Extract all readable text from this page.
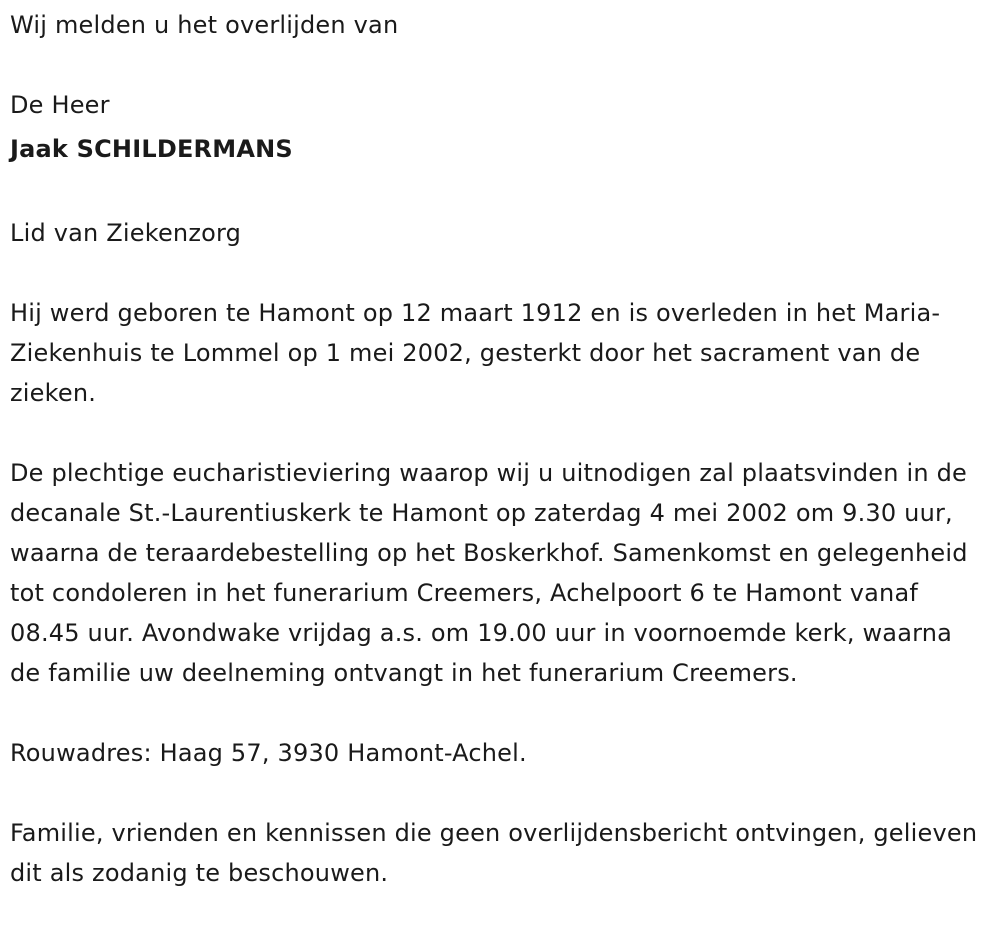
Wij melden u het overlijden van

De Heer

Jaak SCHILDERMANS

Lid van Ziekenzorg

Hij werd geboren te Hamont op 12 maart 1912 en is overleden in het Maria-Ziekenhuis te Lommel op 1 mei 2002, gesterkt door het sacrament van de zieken.

De plechtige eucharistieviering waarop wij u uitnodigen zal plaatsvinden in de decanale St.-Laurentiuskerk te Hamont op zaterdag 4 mei 2002 om 9.30 uur, waarna de teraardebestelling op het Boskerkhof. Samenkomst en gelegenheid tot condoleren in het funerarium Creemers, Achelpoort 6 te Hamont vanaf 08.45 uur. Avondwake vrijdag a.s. om 19.00 uur in voornoemde kerk, waarna de familie uw deelneming ontvangt in het funerarium Creemers.

Rouwadres: Haag 57, 3930 Hamont-Achel.

Familie, vrienden en kennissen die geen overlijdensbericht ontvingen, gelieven dit als zodanig te beschouwen.
